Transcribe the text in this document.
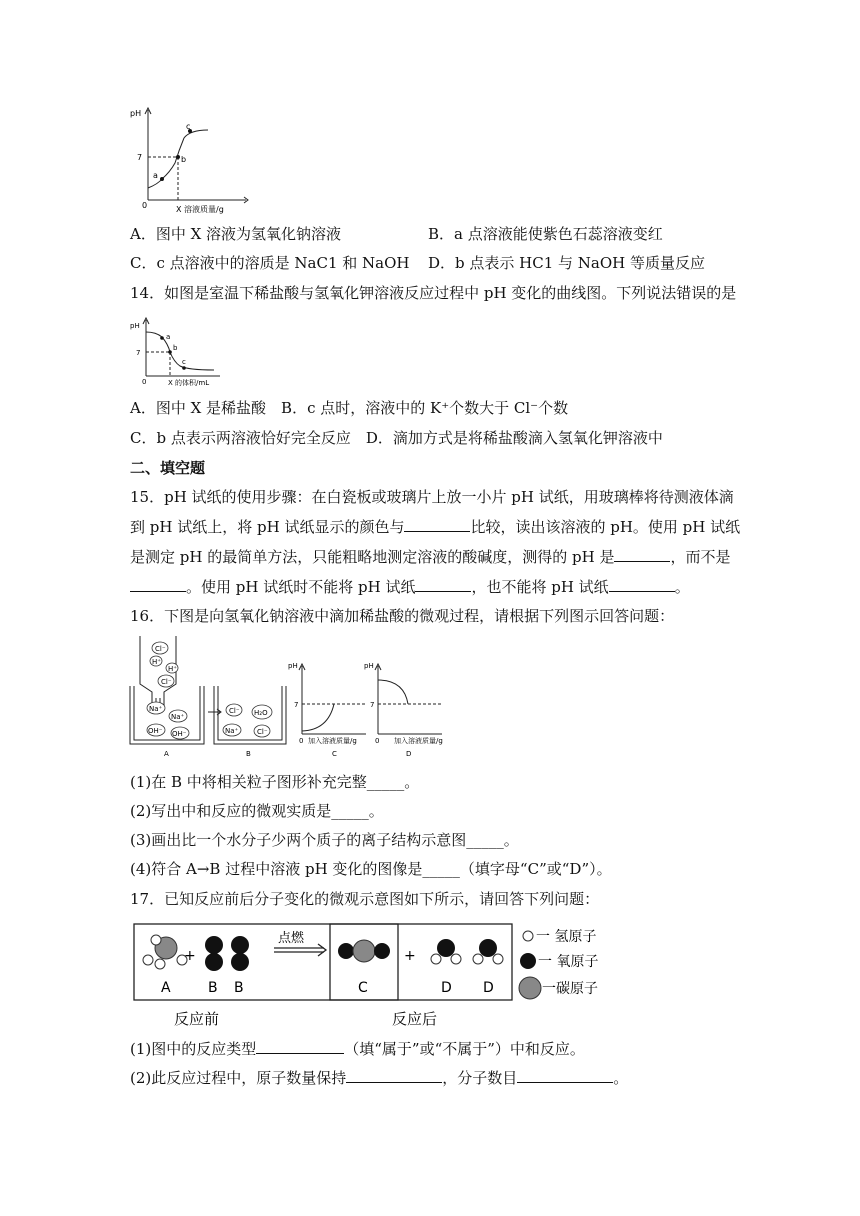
pH
7
0
a
b
c
X 溶液质量/g
A．图中 X 溶液为氢氧化钠溶液	B．a 点溶液能使紫色石蕊溶液变红
C．c 点溶液中的溶质是 NaC1 和 NaOH D．b 点表示 HC1 与 NaOH 等质量反应
14．如图是室温下稀盐酸与氢氧化钾溶液反应过程中 pH 变化的曲线图。下列说法错误的是
pH
7
0
a
b
c
X 的体积/mL
A．图中 X 是稀盐酸　B．c 点时，溶液中的 K⁺个数大于 Cl⁻个数
C．b 点表示两溶液恰好完全反应　D．滴加方式是将稀盐酸滴入氢氧化钾溶液中
二、填空题
15．pH 试纸的使用步骤：在白瓷板或玻璃片上放一小片 pH 试纸，用玻璃棒将待测液体滴
到 pH 试纸上，将 pH 试纸显示的颜色与	比较，读出该溶液的 pH。使用 pH 试纸
是测定 pH 的最简单方法，只能粗略地测定溶液的酸碱度，测得的 pH 是	，而不是
。使用 pH 试纸时不能将 pH 试纸	，也不能将 pH 试纸	。
16．下图是向氢氧化钠溶液中滴加稀盐酸的微观过程，请根据下列图示回答问题：
Cl⁻
H⁺
H⁺
Cl⁻
Na⁺
Na⁺
OH⁻ OH⁻
A
Cl⁻ H₂O
Na⁺	Cl⁻
B
pH
7
0 加入溶液质量/g
C
pH
7
0 加入溶液质量/g
D
(1)在 B 中将相关粒子图形补充完整_____。
(2)写出中和反应的微观实质是_____。
(3)画出比一个水分子少两个质子的离子结构示意图_____。
(4)符合 A→B 过程中溶液 pH 变化的图像是_____（填字母“C”或“D”）。
17．已知反应前后分子变化的微观示意图如下所示，请回答下列问题：
A
+
B B
点燃
C
+
D D
一 氢原子
一 氧原子
一碳原子
反应前	反应后
(1)图中的反应类型	（填“属于”或“不属于”）中和反应。
(2)此反应过程中，原子数量保持	，分子数目	。
